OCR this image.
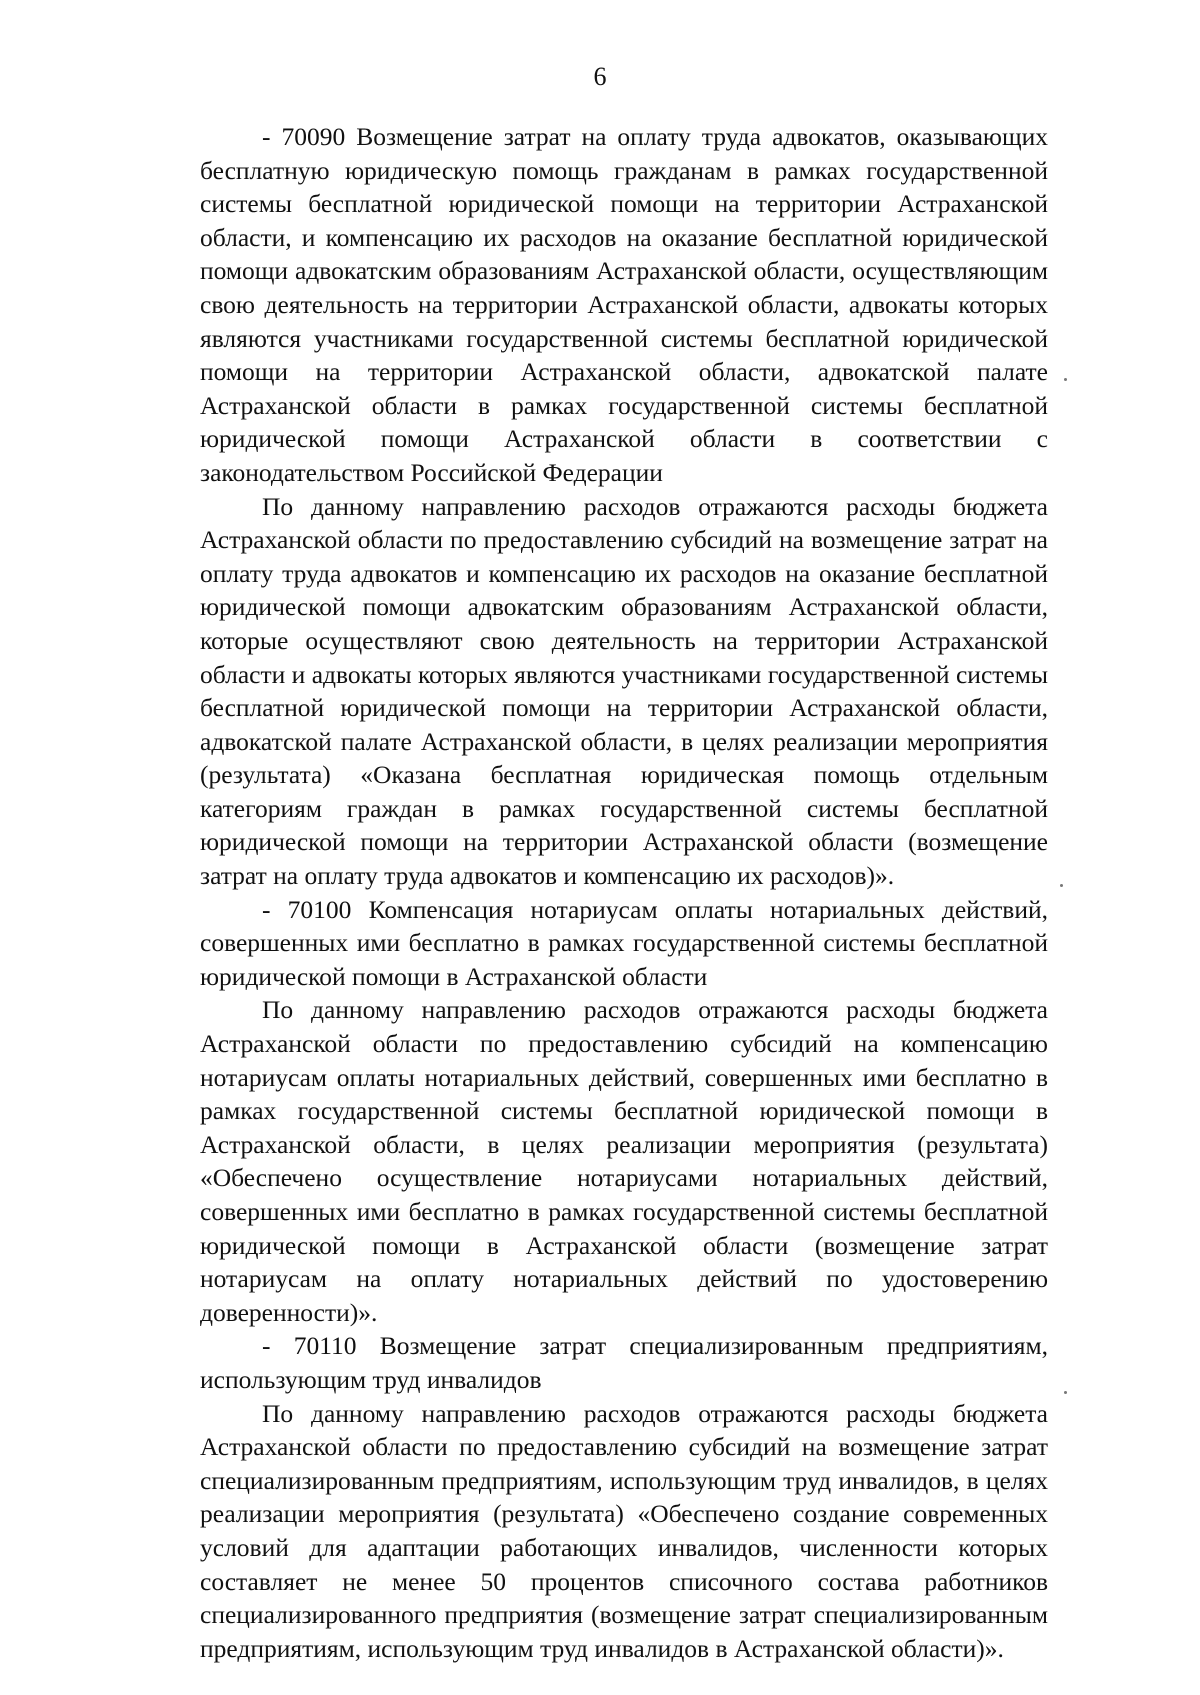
6

- 70090 Возмещение затрат на оплату труда адвокатов, оказывающих бесплатную юридическую помощь гражданам в рамках государственной системы бесплатной юридической помощи на территории Астраханской области, и компенсацию их расходов на оказание бесплатной юридической помощи адвокатским образованиям Астраханской области, осуществляющим свою деятельность на территории Астраханской области, адвокаты которых являются участниками государственной системы бесплатной юридической помощи на территории Астраханской области, адвокатской палате Астраханской области в рамках государственной системы бесплатной юридической помощи Астраханской области в соответствии с законодательством Российской Федерации

По данному направлению расходов отражаются расходы бюджета Астраханской области по предоставлению субсидий на возмещение затрат на оплату труда адвокатов и компенсацию их расходов на оказание бесплатной юридической помощи адвокатским образованиям Астраханской области, которые осуществляют свою деятельность на территории Астраханской области и адвокаты которых являются участниками государственной системы бесплатной юридической помощи на территории Астраханской области, адвокатской палате Астраханской области, в целях реализации мероприятия (результата) «Оказана бесплатная юридическая помощь отдельным категориям граждан в рамках государственной системы бесплатной юридической помощи на территории Астраханской области (возмещение затрат на оплату труда адвокатов и компенсацию их расходов)».

- 70100 Компенсация нотариусам оплаты нотариальных действий, совершенных ими бесплатно в рамках государственной системы бесплатной юридической помощи в Астраханской области

По данному направлению расходов отражаются расходы бюджета Астраханской области по предоставлению субсидий на компенсацию нотариусам оплаты нотариальных действий, совершенных ими бесплатно в рамках государственной системы бесплатной юридической помощи в Астраханской области, в целях реализации мероприятия (результата) «Обеспечено осуществление нотариусами нотариальных действий, совершенных ими бесплатно в рамках государственной системы бесплатной юридической помощи в Астраханской области (возмещение затрат нотариусам на оплату нотариальных действий по удостоверению доверенности)».

- 70110 Возмещение затрат специализированным предприятиям, использующим труд инвалидов

По данному направлению расходов отражаются расходы бюджета Астраханской области по предоставлению субсидий на возмещение затрат специализированным предприятиям, использующим труд инвалидов, в целях реализации мероприятия (результата) «Обеспечено создание современных условий для адаптации работающих инвалидов, численности которых составляет не менее 50 процентов списочного состава работников специализированного предприятия (возмещение затрат специализированным предприятиям, использующим труд инвалидов в Астраханской области)».
